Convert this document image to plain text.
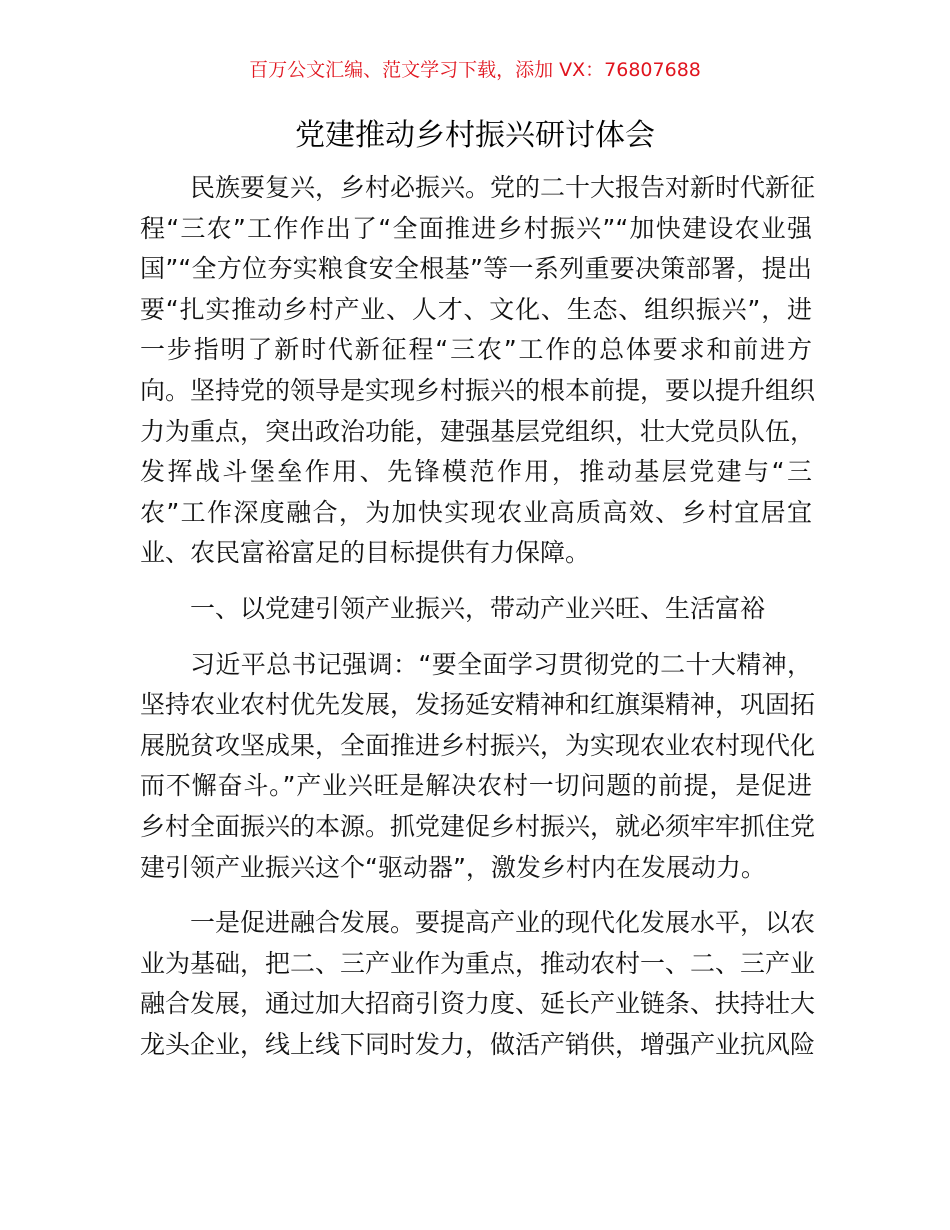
百万公文汇编、范文学习下载，添加 VX：76807688
党建推动乡村振兴研讨体会
民族要复兴，乡村必振兴。党的二十大报告对新时代新征
程“三农”工作作出了“全面推进乡村振兴”“加快建设农业强
国”“全方位夯实粮食安全根基”等一系列重要决策部署，提出
要“扎实推动乡村产业、人才、文化、生态、组织振兴”，进
一步指明了新时代新征程“三农”工作的总体要求和前进方
向。坚持党的领导是实现乡村振兴的根本前提，要以提升组织
力为重点，突出政治功能，建强基层党组织，壮大党员队伍，
发挥战斗堡垒作用、先锋模范作用，推动基层党建与“三
农”工作深度融合，为加快实现农业高质高效、乡村宜居宜
业、农民富裕富足的目标提供有力保障。
一、以党建引领产业振兴，带动产业兴旺、生活富裕
习近平总书记强调：“要全面学习贯彻党的二十大精神，
坚持农业农村优先发展，发扬延安精神和红旗渠精神，巩固拓
展脱贫攻坚成果，全面推进乡村振兴，为实现农业农村现代化
而不懈奋斗。”产业兴旺是解决农村一切问题的前提，是促进
乡村全面振兴的本源。抓党建促乡村振兴，就必须牢牢抓住党
建引领产业振兴这个“驱动器”，激发乡村内在发展动力。
一是促进融合发展。要提高产业的现代化发展水平，以农
业为基础，把二、三产业作为重点，推动农村一、二、三产业
融合发展，通过加大招商引资力度、延长产业链条、扶持壮大
龙头企业，线上线下同时发力，做活产销供，增强产业抗风险
